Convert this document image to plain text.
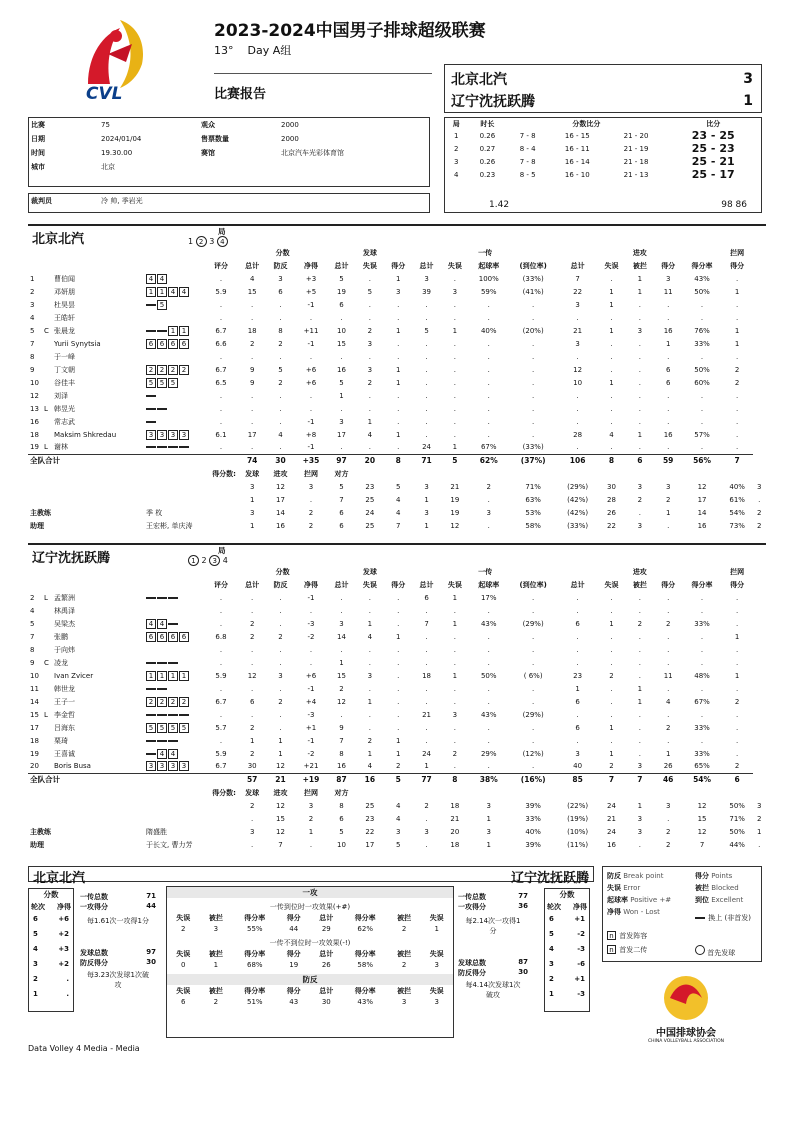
CVL
2023-2024中国男子排球超级联赛
13° Day A组
比赛报告
北京北汽
辽宁沈抚跃腾
3
1
比赛	75	观众	2000
日期	2024/01/04	售票数量	2000
时间	19.30.00	赛馆	北京汽车光彩体育馆
城市	北京		
裁判员	冷 帅, 季岩光
局	时长	分数比分			比分
1	0.26	7 - 8	16 - 15	21 - 20	23 - 25
2	0.27	8 - 4	16 - 11	21 - 19	25 - 23
3	0.26	7 - 8	16 - 14	21 - 18	25 - 21
4	0.23	8 - 5	16 - 10	21 - 13	25 - 17
1.42	98 86
北京北汽
局
1 2 3 4
					分数			发球			一传				进攻					拦网	
				评分	总计	防反	净得	总计	失误	得分	总计	失误	起球率	(到位率)	总计	失误	被拦	得分	得分率	得分	
1		曹伯闻	4 4	.	4	3	+3	5	.	1	3	.	100%	(33%)	7	.	1	3	43%	.	
2		邓妍朋	1 1 4 4	5.9	15	6	+5	19	5	3	39	3	59%	(41%)	22	1	1	11	50%	1	
3		杜昊昙	5	.	.	.	-1	6	.	.	.	.	.	.	3	1	.	.	.	.	
4		王皓轩		.	.	.	.	.	.	.	.	.	.	.	.	.	.	.	.	.	
5	C	张晨龙	1 1	6.7	18	8	+11	10	2	1	5	1	40%	(20%)	21	1	3	16	76%	1	
7		Yurii Synytsia	6 6 6 6	6.6	2	2	-1	15	3	.	.	.	.	.	3	.	.	1	33%	1	
8		于一峰		.	.	.	.	.	.	.	.	.	.	.	.	.	.	.	.	.	
9		丁文朝	2 2 2 2	6.7	9	5	+6	16	3	1	.	.	.	.	12	.	.	6	50%	2	
10		谷佳丰	5 5 5	6.5	9	2	+6	5	2	1	.	.	.	.	10	1	.	6	60%	2	
12		刘泽		.	.	.	.	1	.	.	.	.	.	.	.	.	.	.	.	.	
13	L	韩昱光		.	.	.	.	.	.	.	.	.	.	.	.	.	.	.	.	.	
16		常志武		.	.	.	-1	3	1	.	.	.	.	.	.	.	.	.	.	.	
18		Maksim Shkredau	3 3 3 3	6.1	17	4	+8	17	4	1	.	.	.	.	28	4	1	16	57%	.	
19	L	谢林		.	.	.	-1	.	.	.	24	1	67%	(33%)	.	.	.	.	.	.	
全队合计					74	30	+35	97	20	8	71	5	62%	(37%)	106	8	6	59	56%	7	
			得分数:		发球	进攻	拦网	对方													
					3	12	3	5	23	5	3	21	2	71%	(29%)	30	3	3	12	40%	3
					1	17	.	7	25	4	1	19	.	63%	(42%)	28	2	2	17	61%	.
主教练			季 枚		3	14	2	6	24	4	3	19	3	53%	(42%)	26	.	1	14	54%	2
助理			王宏彬, 单庆涛		1	16	2	6	25	7	1	12	.	58%	(33%)	22	3	.	16	73%	2
辽宁沈抚跃腾
局
1 2 3 4
					分数			发球			一传				进攻					拦网	
				评分	总计	防反	净得	总计	失误	得分	总计	失误	起球率	(到位率)	总计	失误	被拦	得分	得分率	得分	
2	L	孟繁洲		.	.	.	-1	.	.	.	6	1	17%	.	.	.	.	.	.	.	
4		林禹泽		.	.	.	.	.	.	.	.	.	.	.	.	.	.	.	.	.	
5		吴梁杰	4 4	.	2	.	-3	3	1	.	7	1	43%	(29%)	6	1	2	2	33%	.	
7		张鹏	6 6 6 6	6.8	2	2	-2	14	4	1	.	.	.	.	.	.	.	.	.	1	
8		于向炜		.	.	.	.	.	.	.	.	.	.	.	.	.	.	.	.	.	
9	C	凌龙		.	.	.	.	1	.	.	.	.	.	.	.	.	.	.	.	.	
10		Ivan Zvicer	1 1 1 1	5.9	12	3	+6	15	3	.	18	1	50%	( 6%)	23	2	.	11	48%	1	
11		韩世龙		.	.	.	-1	2	.	.	.	.	.	.	1	.	1	.	.	.	
14		王子一	2 2 2 2	6.7	6	2	+4	12	1	.	.	.	.	.	6	.	1	4	67%	2	
15	L	李金哲		.	.	.	-3	.	.	.	21	3	43%	(29%)	.	.	.	.	.	.	
17		吕海东	5 5 5 5	5.7	2	.	+1	9	.	.	.	.	.	.	6	1	.	2	33%	.	
18		栗琦		.	1	1	-1	7	2	1	.	.	.	.	.	.	.	.	.	.	
19		王喜诚	4 4	5.9	2	1	-2	8	1	1	24	2	29%	(12%)	3	1	.	1	33%	.	
20		Boris Busa	3 3 3 3	6.7	30	12	+21	16	4	2	1	.	.	.	40	2	3	26	65%	2	
全队合计					57	21	+19	87	16	5	77	8	38%	(16%)	85	7	7	46	54%	6	
			得分数:		发球	进攻	拦网	对方													
					2	12	3	8	25	4	2	18	3	39%	(22%)	24	1	3	12	50%	3
					.	15	2	6	23	4	.	21	1	33%	(19%)	21	3	.	15	71%	2
主教练			隋盛胜		3	12	1	5	22	3	3	20	3	40%	(10%)	24	3	2	12	50%	1
助理			于长文, 曹力芳		.	7	.	10	17	5	.	18	1	39%	(11%)	16	.	2	7	44%	.
北京北汽	辽宁沈抚跃腾
分数
轮次 净得
6	+6
5	+2
4	+3
3	+2
2	.
1	.
一传总数	71
一攻得分	44
每1.61次一攻得1分
发球总数	97
防反得分	30
每3.23次发球1次破攻
一攻
一传到位时一攻效果(+#)
失误	被拦	得分率	得分	总计	得分率	被拦	失误
2	3	55%	44	29	62%	2	1
一传不到位时一攻效果(-!)
失误	被拦	得分率	得分	总计	得分率	被拦	失误
0	1	68%	19	26	58%	2	3
防反
失误	被拦	得分率	得分	总计	得分率	被拦	失误
6	2	51%	43	30	43%	3	3
一传总数	77
一攻得分	36
每2.14次一攻得1分
发球总数	87
防反得分	30
每4.14次发球1次破攻
分数
轮次 净得
6	+1
5	-2
4	-3
3	-6
2	+1
1	-3
防反 Break point
失误 Error
起球率 Positive +#
净得 Won - Lost
得分 Points
被拦 Blocked
到位 Excellent
换上 (非首发)
n 首发阵容
n 首发二传	首先发球
中国排球协会
CHINA VOLLEYBALL ASSOCIATION
Data Volley 4 Media - Media
